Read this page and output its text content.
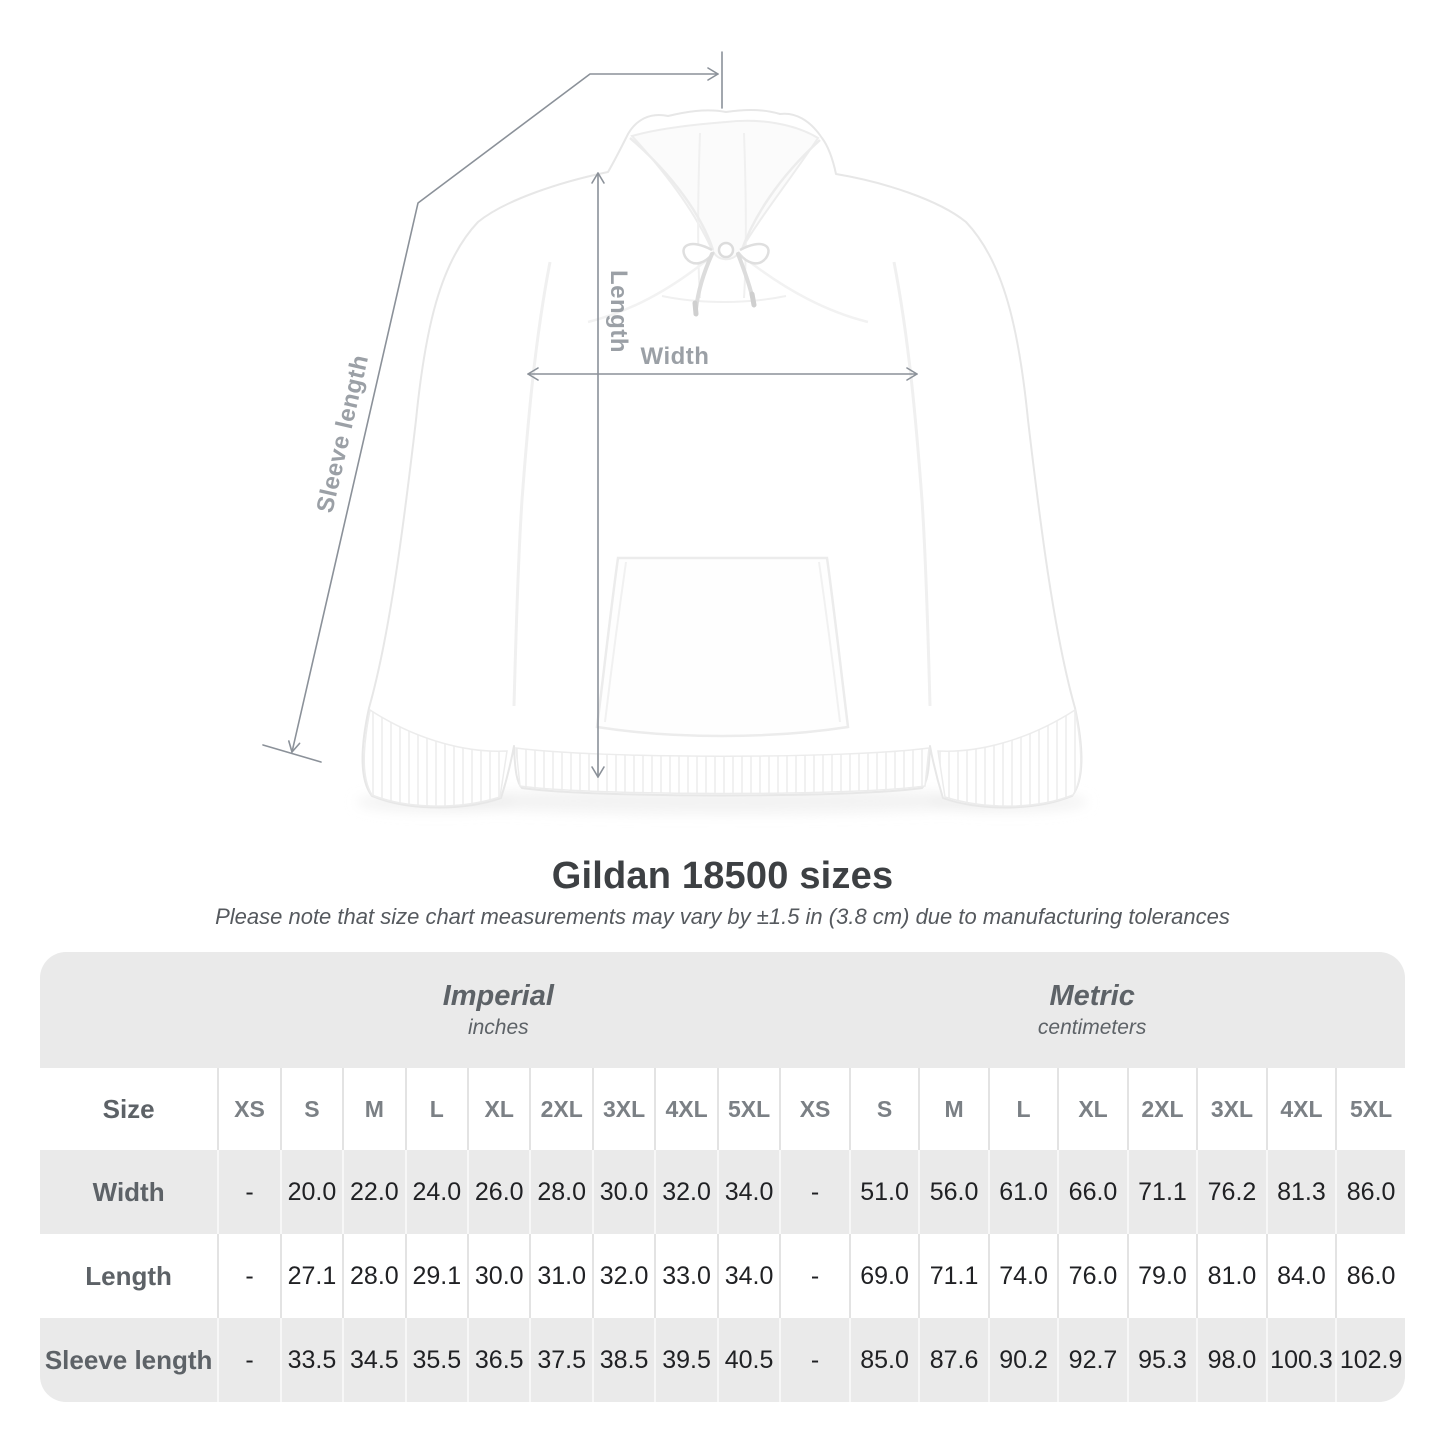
Width
Length
Sleeve length
Gildan 18500 sizes

Please note that size chart measurements may vary by ±1.5 in (3.8 cm) due to manufacturing tolerances

Imperial
inches

Metric
centimeters

Size	XS	S	M	L	XL	2XL	3XL	4XL	5XL	XS	S	M	L	XL	2XL	3XL	4XL	5XL
Width	-	20.0	22.0	24.0	26.0	28.0	30.0	32.0	34.0	-	51.0	56.0	61.0	66.0	71.1	76.2	81.3	86.0
Length	-	27.1	28.0	29.1	30.0	31.0	32.0	33.0	34.0	-	69.0	71.1	74.0	76.0	79.0	81.0	84.0	86.0
Sleeve length	-	33.5	34.5	35.5	36.5	37.5	38.5	39.5	40.5	-	85.0	87.6	90.2	92.7	95.3	98.0	100.3	102.9
